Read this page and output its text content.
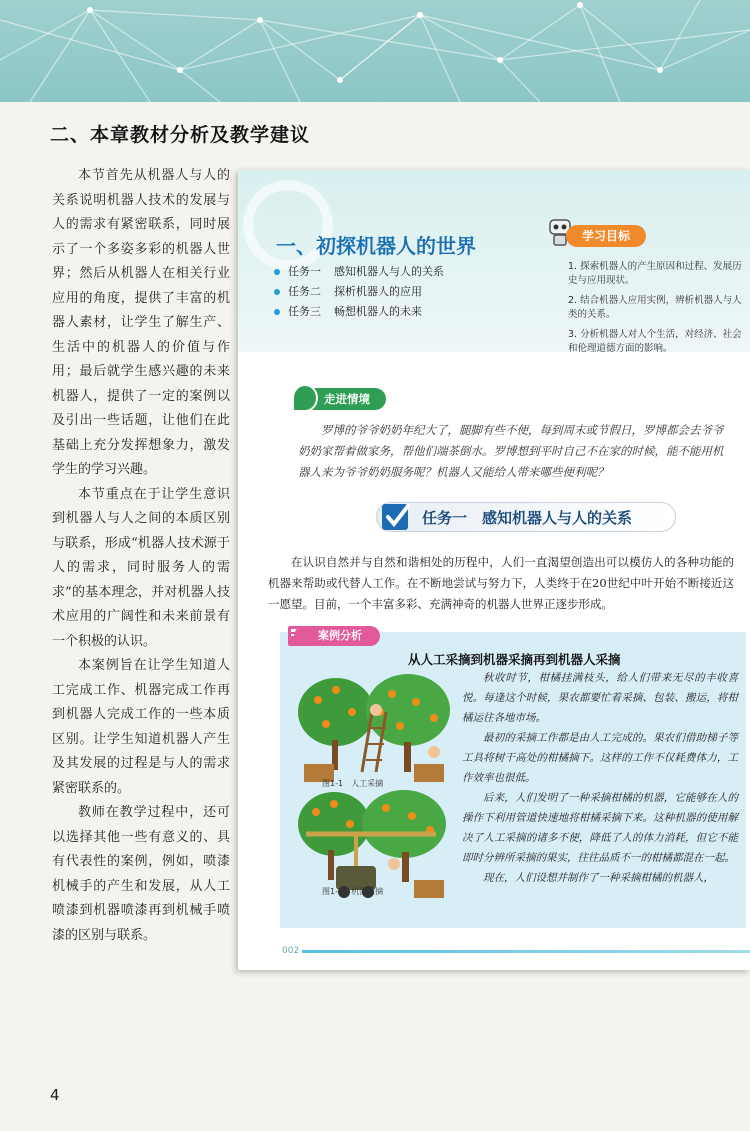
二、本章教材分析及教学建议

本节首先从机器人与人的关系说明机器人技术的发展与人的需求有紧密联系，同时展示了一个多姿多彩的机器人世界；然后从机器人在相关行业应用的角度，提供了丰富的机器人素材，让学生了解生产、生活中的机器人的价值与作用；最后就学生感兴趣的未来机器人，提供了一定的案例以及引出一些话题，让他们在此基础上充分发挥想象力，激发学生的学习兴趣。

本节重点在于让学生意识到机器人与人之间的本质区别与联系，形成“机器人技术源于人的需求，同时服务人的需求”的基本理念，并对机器人技术应用的广阔性和未来前景有一个积极的认识。

本案例旨在让学生知道人工完成工作、机器完成工作再到机器人完成工作的一些本质区别。让学生知道机器人产生及其发展的过程是与人的需求紧密联系的。

教师在教学过程中，还可以选择其他一些有意义的、具有代表性的案例，例如，喷漆机械手的产生和发展，从人工喷漆到机器喷漆再到机械手喷漆的区别与联系。

一、初探机器人的世界
任务一	感知机器人与人的关系
任务二	探析机器人的应用
任务三	畅想机器人的未来
学习目标
1. 探索机器人的产生原因和过程、发展历史与应用现状。
2. 结合机器人应用实例，辨析机器人与人类的关系。
3. 分析机器人对人个生活，对经济、社会和伦理道德方面的影响。
走进情境
罗博的爷爷奶奶年纪大了，腿脚有些不便，每到周末或节假日，罗博都会去爷爷奶奶家帮着做家务，帮他们端茶倒水。罗博想到平时自己不在家的时候，能不能用机器人来为爷爷奶奶服务呢？机器人又能给人带来哪些便利呢？
任务一　感知机器人与人的关系
在认识自然并与自然和谐相处的历程中，人们一直渴望创造出可以模仿人的各种功能的机器来帮助或代替人工作。在不断地尝试与努力下，人类终于在20世纪中叶开始不断接近这一愿望。目前，一个丰富多彩、充满神奇的机器人世界正逐步形成。
案例分析
从人工采摘到机器采摘再到机器人采摘
图1-1　人工采摘
图1-2　机器采摘

秋收时节，柑橘挂满枝头，给人们带来无尽的丰收喜悦。每逢这个时候，果农都要忙着采摘、包装、搬运，将柑橘运往各地市场。

最初的采摘工作都是由人工完成的。果农们借助梯子等工具将树干高处的柑橘摘下。这样的工作不仅耗费体力，工作效率也很低。

后来，人们发明了一种采摘柑橘的机器，它能够在人的操作下利用管道快速地将柑橘采摘下来。这种机器的使用解决了人工采摘的诸多不便，降低了人的体力消耗，但它不能即时分辨所采摘的果实，往往品质不一的柑橘都混在一起。

现在，人们设想并制作了一种采摘柑橘的机器人，

002
4
